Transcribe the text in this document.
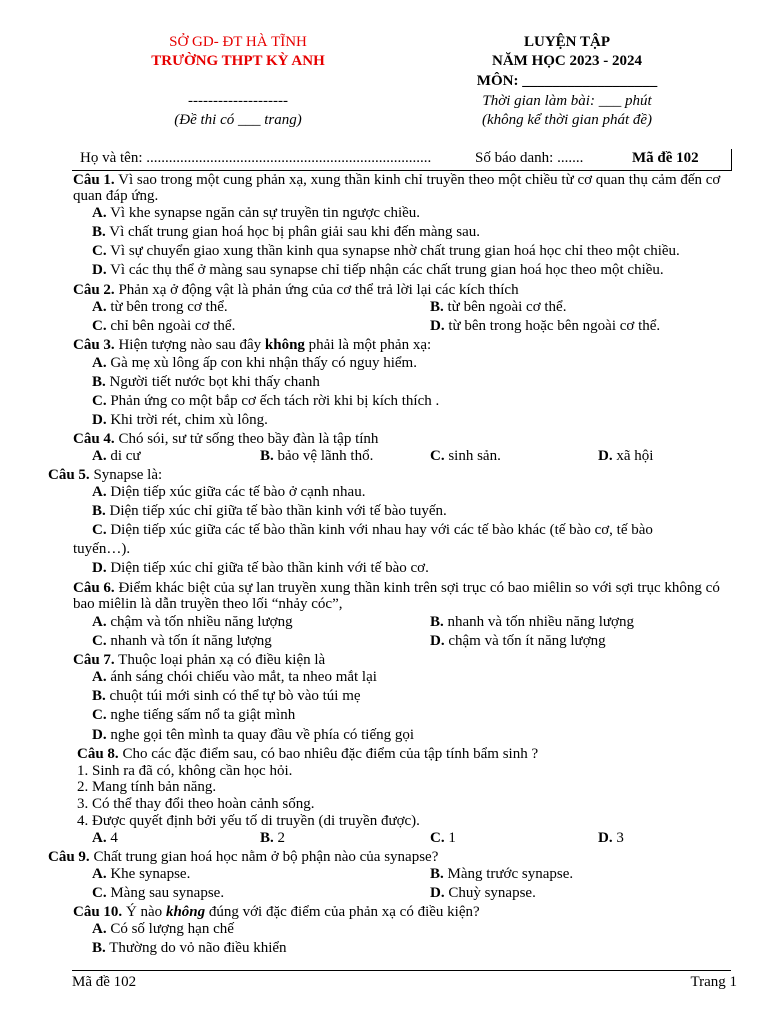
SỞ GD- ĐT HÀ TĨNH
TRƯỜNG THPT KỲ ANH
--------------------
(Đề thi có ___ trang)
LUYỆN TẬP
NĂM HỌC 2023 - 2024
MÔN: __________________
Thời gian làm bài: ___ phút
(không kể thời gian phát đề)
Họ và tên: ............................................................................	Số báo danh: .......	Mã đề 102
Câu 1. Vì sao trong một cung phản xạ, xung thần kinh chỉ truyền theo một chiều từ cơ quan thụ cảm đến cơ quan đáp ứng.
A. Vì khe synapse ngăn cản sự truyền tin ngược chiều.
B. Vì chất trung gian hoá học bị phân giải sau khi đến màng sau.
C. Vì sự chuyển giao xung thần kinh qua synapse nhờ chất trung gian hoá học chỉ theo một chiều.
D. Vì các thụ thể ở màng sau synapse chỉ tiếp nhận các chất trung gian hoá học theo một chiều.
Câu 2. Phản xạ ở động vật là phản ứng của cơ thể trả lời lại các kích thích
A. từ bên trong cơ thể.	B. từ bên ngoài cơ thể.
C. chỉ bên ngoài cơ thể.	D. từ bên trong hoặc bên ngoài cơ thể.
Câu 3. Hiện tượng nào sau đây không phải là một phản xạ:
A. Gà mẹ xù lông ấp con khi nhận thấy có nguy hiểm.
B. Người tiết nước bọt khi thấy chanh
C. Phản ứng co một bắp cơ ếch tách rời khi bị kích thích .
D. Khi trời rét, chim xù lông.
Câu 4. Chó sói, sư tử sống theo bầy đàn là tập tính
A. di cư	B. bảo vệ lãnh thổ.	C. sinh sản.	D. xã hội
Câu 5. Synapse là:
A. Diện tiếp xúc giữa các tế bào ở cạnh nhau.
B. Diện tiếp xúc chỉ giữa tế bào thần kinh với tế bào tuyến.
C. Diện tiếp xúc giữa các tế bào thần kinh với nhau hay với các tế bào khác (tế bào cơ, tế bào tuyến…).
D. Diện tiếp xúc chỉ giữa tế bào thần kinh với tế bào cơ.
Câu 6. Điểm khác biệt của sự lan truyền xung thần kinh trên sợi trục có bao miêlin so với sợi trục không có bao miêlin là dẫn truyền theo lối “nhảy cóc”,
A. chậm và tốn nhiều năng lượng	B. nhanh và tốn nhiều năng lượng
C. nhanh và tốn ít năng lượng	D. chậm và tốn ít năng lượng
Câu 7. Thuộc loại phản xạ có điều kiện là
A. ánh sáng chói chiếu vào mắt, ta nheo mắt lại
B. chuột túi mới sinh có thể tự bò vào túi mẹ
C. nghe tiếng sấm nổ ta giật mình
D. nghe gọi tên mình ta quay đầu về phía có tiếng gọi
Câu 8. Cho các đặc điểm sau, có bao nhiêu đặc điểm của tập tính bẩm sinh ?
1. Sinh ra đã có, không cần học hỏi.
2. Mang tính bản năng.
3. Có thể thay đổi theo hoàn cảnh sống.
4. Được quyết định bởi yếu tố di truyền (di truyền được).
A. 4	B. 2	C. 1	D. 3
Câu 9. Chất trung gian hoá học nằm ở bộ phận nào của synapse?
A. Khe synapse.	B. Màng trước synapse.
C. Màng sau synapse.	D. Chuỳ synapse.
Câu 10. Ý nào không đúng với đặc điểm của phản xạ có điều kiện?
A. Có số lượng hạn chế
B. Thường do vỏ não điều khiển
Mã đề 102	Trang 1
